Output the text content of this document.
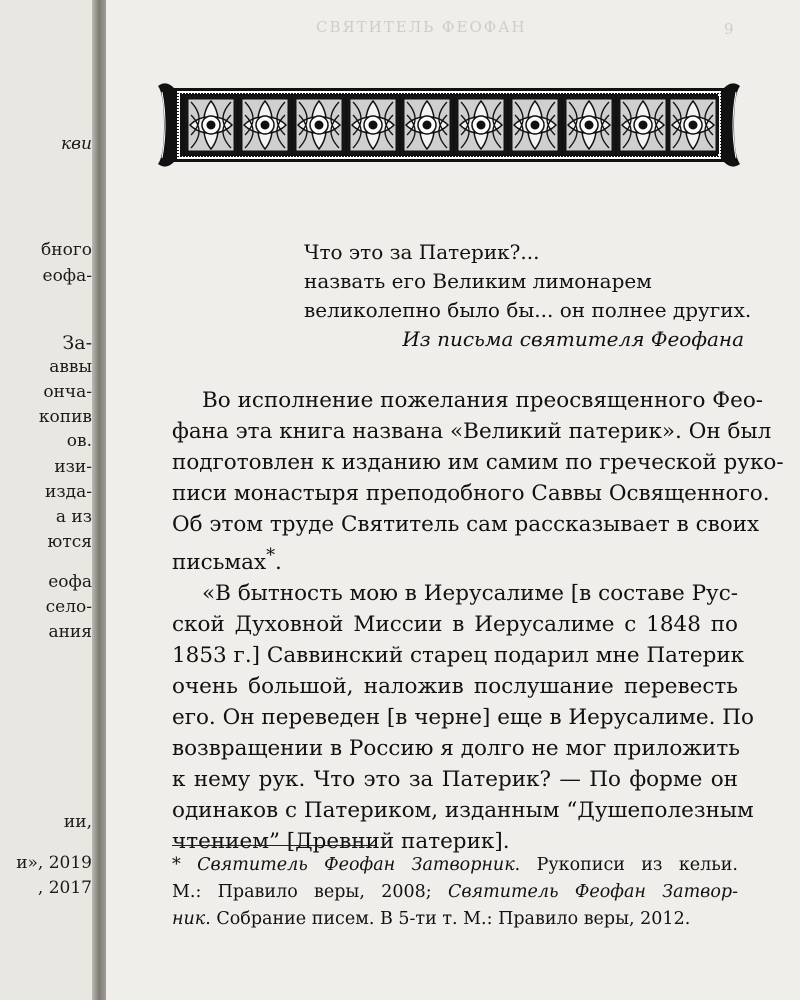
кви
бного
еофа-
За-
аввы
онча-
копив
ов.
изи-
изда-
а из
ются
еофа
село-
ания
ии,
и», 2019
, 2017
СВЯТИТЕЛЬ ФЕОФАН	9
Что это за Патерик?...
назвать его Великим лимонарем
великолепно было бы... он полнее других.
Из письма святителя Феофана
Во исполнение пожелания преосвященного Фео-
фана эта книга названа «Великий патерик». Он был
подготовлен к изданию им самим по греческой руко-
писи монастыря преподобного Саввы Освященного.
Об этом труде Святитель сам рассказывает в своих
письмах*.
«В бытность мою в Иерусалиме [в составе Рус-
ской Духовной Миссии в Иерусалиме с 1848 по
1853 г.] Саввинский старец подарил мне Патерик
очень большой, наложив послушание перевесть
его. Он переведен [в черне] еще в Иерусалиме. По
возвращении в Россию я долго не мог приложить
к нему рук. Что это за Патерик? — По форме он
одинаков с Патериком, изданным “Душеполезным
чтением” [Древний патерик].
* Святитель Феофан Затворник. Рукописи из кельи.
М.: Правило веры, 2008; Святитель Феофан Затвор-
ник. Собрание писем. В 5-ти т. М.: Правило веры, 2012.
